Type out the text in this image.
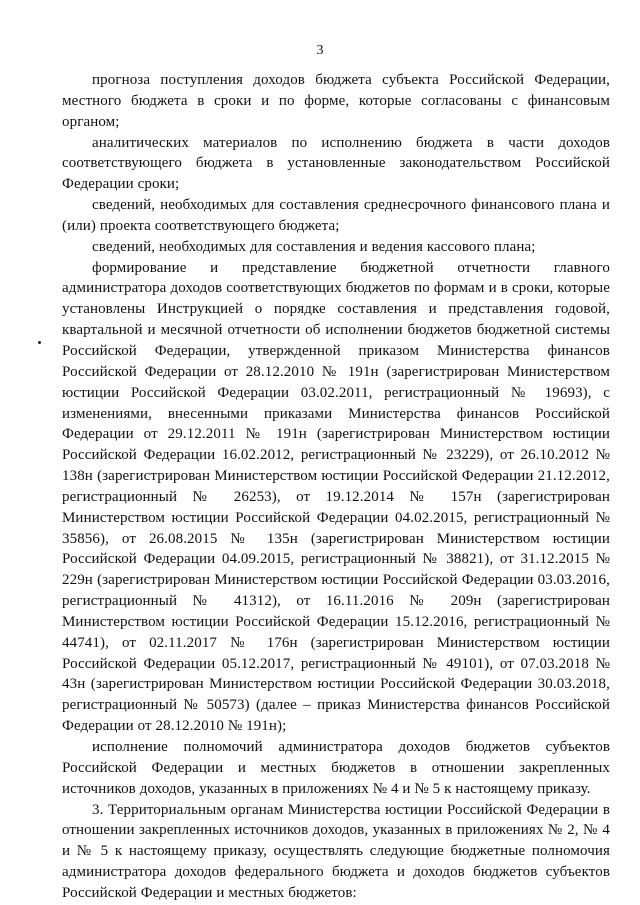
3

прогноза поступления доходов бюджета субъекта Российской Федерации, местного бюджета в сроки и по форме, которые согласованы с финансовым органом;

аналитических материалов по исполнению бюджета в части доходов соответствующего бюджета в установленные законодательством Российской Федерации сроки;

сведений, необходимых для составления среднесрочного финансового плана и (или) проекта соответствующего бюджета;

сведений, необходимых для составления и ведения кассового плана;

формирование и представление бюджетной отчетности главного администратора доходов соответствующих бюджетов по формам и в сроки, которые установлены Инструкцией о порядке составления и представления годовой, квартальной и месячной отчетности об исполнении бюджетов бюджетной системы Российской Федерации, утвержденной приказом Министерства финансов Российской Федерации от 28.12.2010 № 191н (зарегистрирован Министерством юстиции Российской Федерации 03.02.2011, регистрационный № 19693), с изменениями, внесенными приказами Министерства финансов Российской Федерации от 29.12.2011 № 191н (зарегистрирован Министерством юстиции Российской Федерации 16.02.2012, регистрационный № 23229), от 26.10.2012 № 138н (зарегистрирован Министерством юстиции Российской Федерации 21.12.2012, регистрационный № 26253), от 19.12.2014 № 157н (зарегистрирован Министерством юстиции Российской Федерации 04.02.2015, регистрационный № 35856), от 26.08.2015 № 135н (зарегистрирован Министерством юстиции Российской Федерации 04.09.2015, регистрационный № 38821), от 31.12.2015 № 229н (зарегистрирован Министерством юстиции Российской Федерации 03.03.2016, регистрационный № 41312), от 16.11.2016 № 209н (зарегистрирован Министерством юстиции Российской Федерации 15.12.2016, регистрационный № 44741), от 02.11.2017 № 176н (зарегистрирован Министерством юстиции Российской Федерации 05.12.2017, регистрационный № 49101), от 07.03.2018 № 43н (зарегистрирован Министерством юстиции Российской Федерации 30.03.2018, регистрационный № 50573) (далее – приказ Министерства финансов Российской Федерации от 28.12.2010 № 191н);

исполнение полномочий администратора доходов бюджетов субъектов Российской Федерации и местных бюджетов в отношении закрепленных источников доходов, указанных в приложениях № 4 и № 5 к настоящему приказу.

3. Территориальным органам Министерства юстиции Российской Федерации в отношении закрепленных источников доходов, указанных в приложениях № 2, № 4 и № 5 к настоящему приказу, осуществлять следующие бюджетные полномочия администратора доходов федерального бюджета и доходов бюджетов субъектов Российской Федерации и местных бюджетов:
